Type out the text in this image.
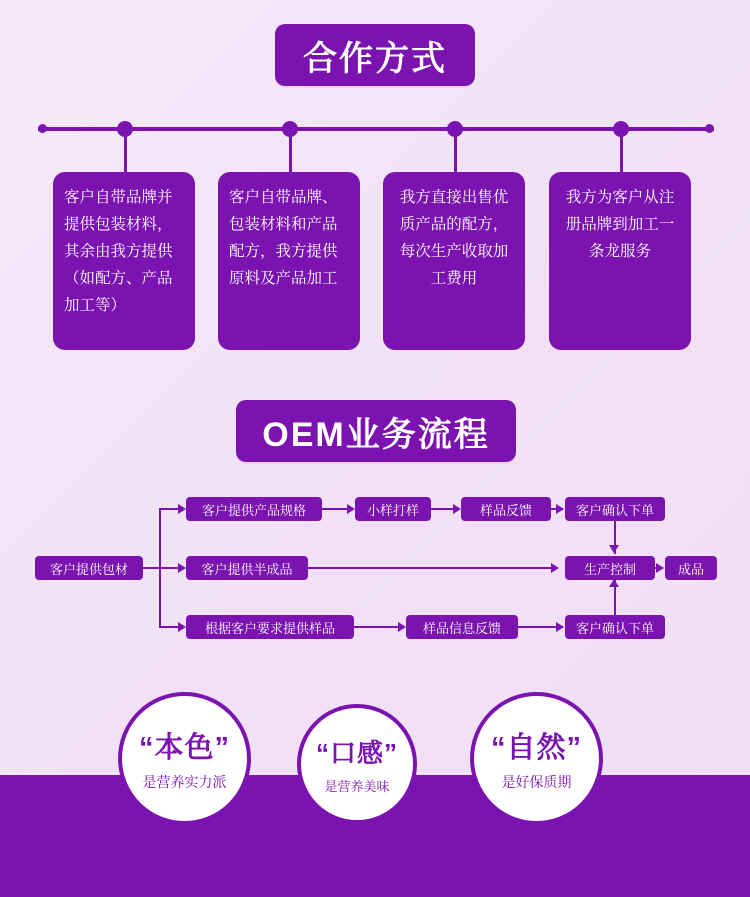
合作方式
客户自带品牌并提供包装材料，其余由我方提供（如配方、产品加工等）
客户自带品牌、包装材料和产品配方，我方提供原料及产品加工
我方直接出售优质产品的配方，每次生产收取加工费用
我方为客户从注册品牌到加工一条龙服务
OEM业务流程
客户提供包材
客户提供产品规格	小样打样	样品反馈	客户确认下单
客户提供半成品	生产控制	成品
根据客户要求提供样品	样品信息反馈	客户确认下单
“本色”
是营养实力派
“口感”
是营养美味
“自然”
是好保质期
